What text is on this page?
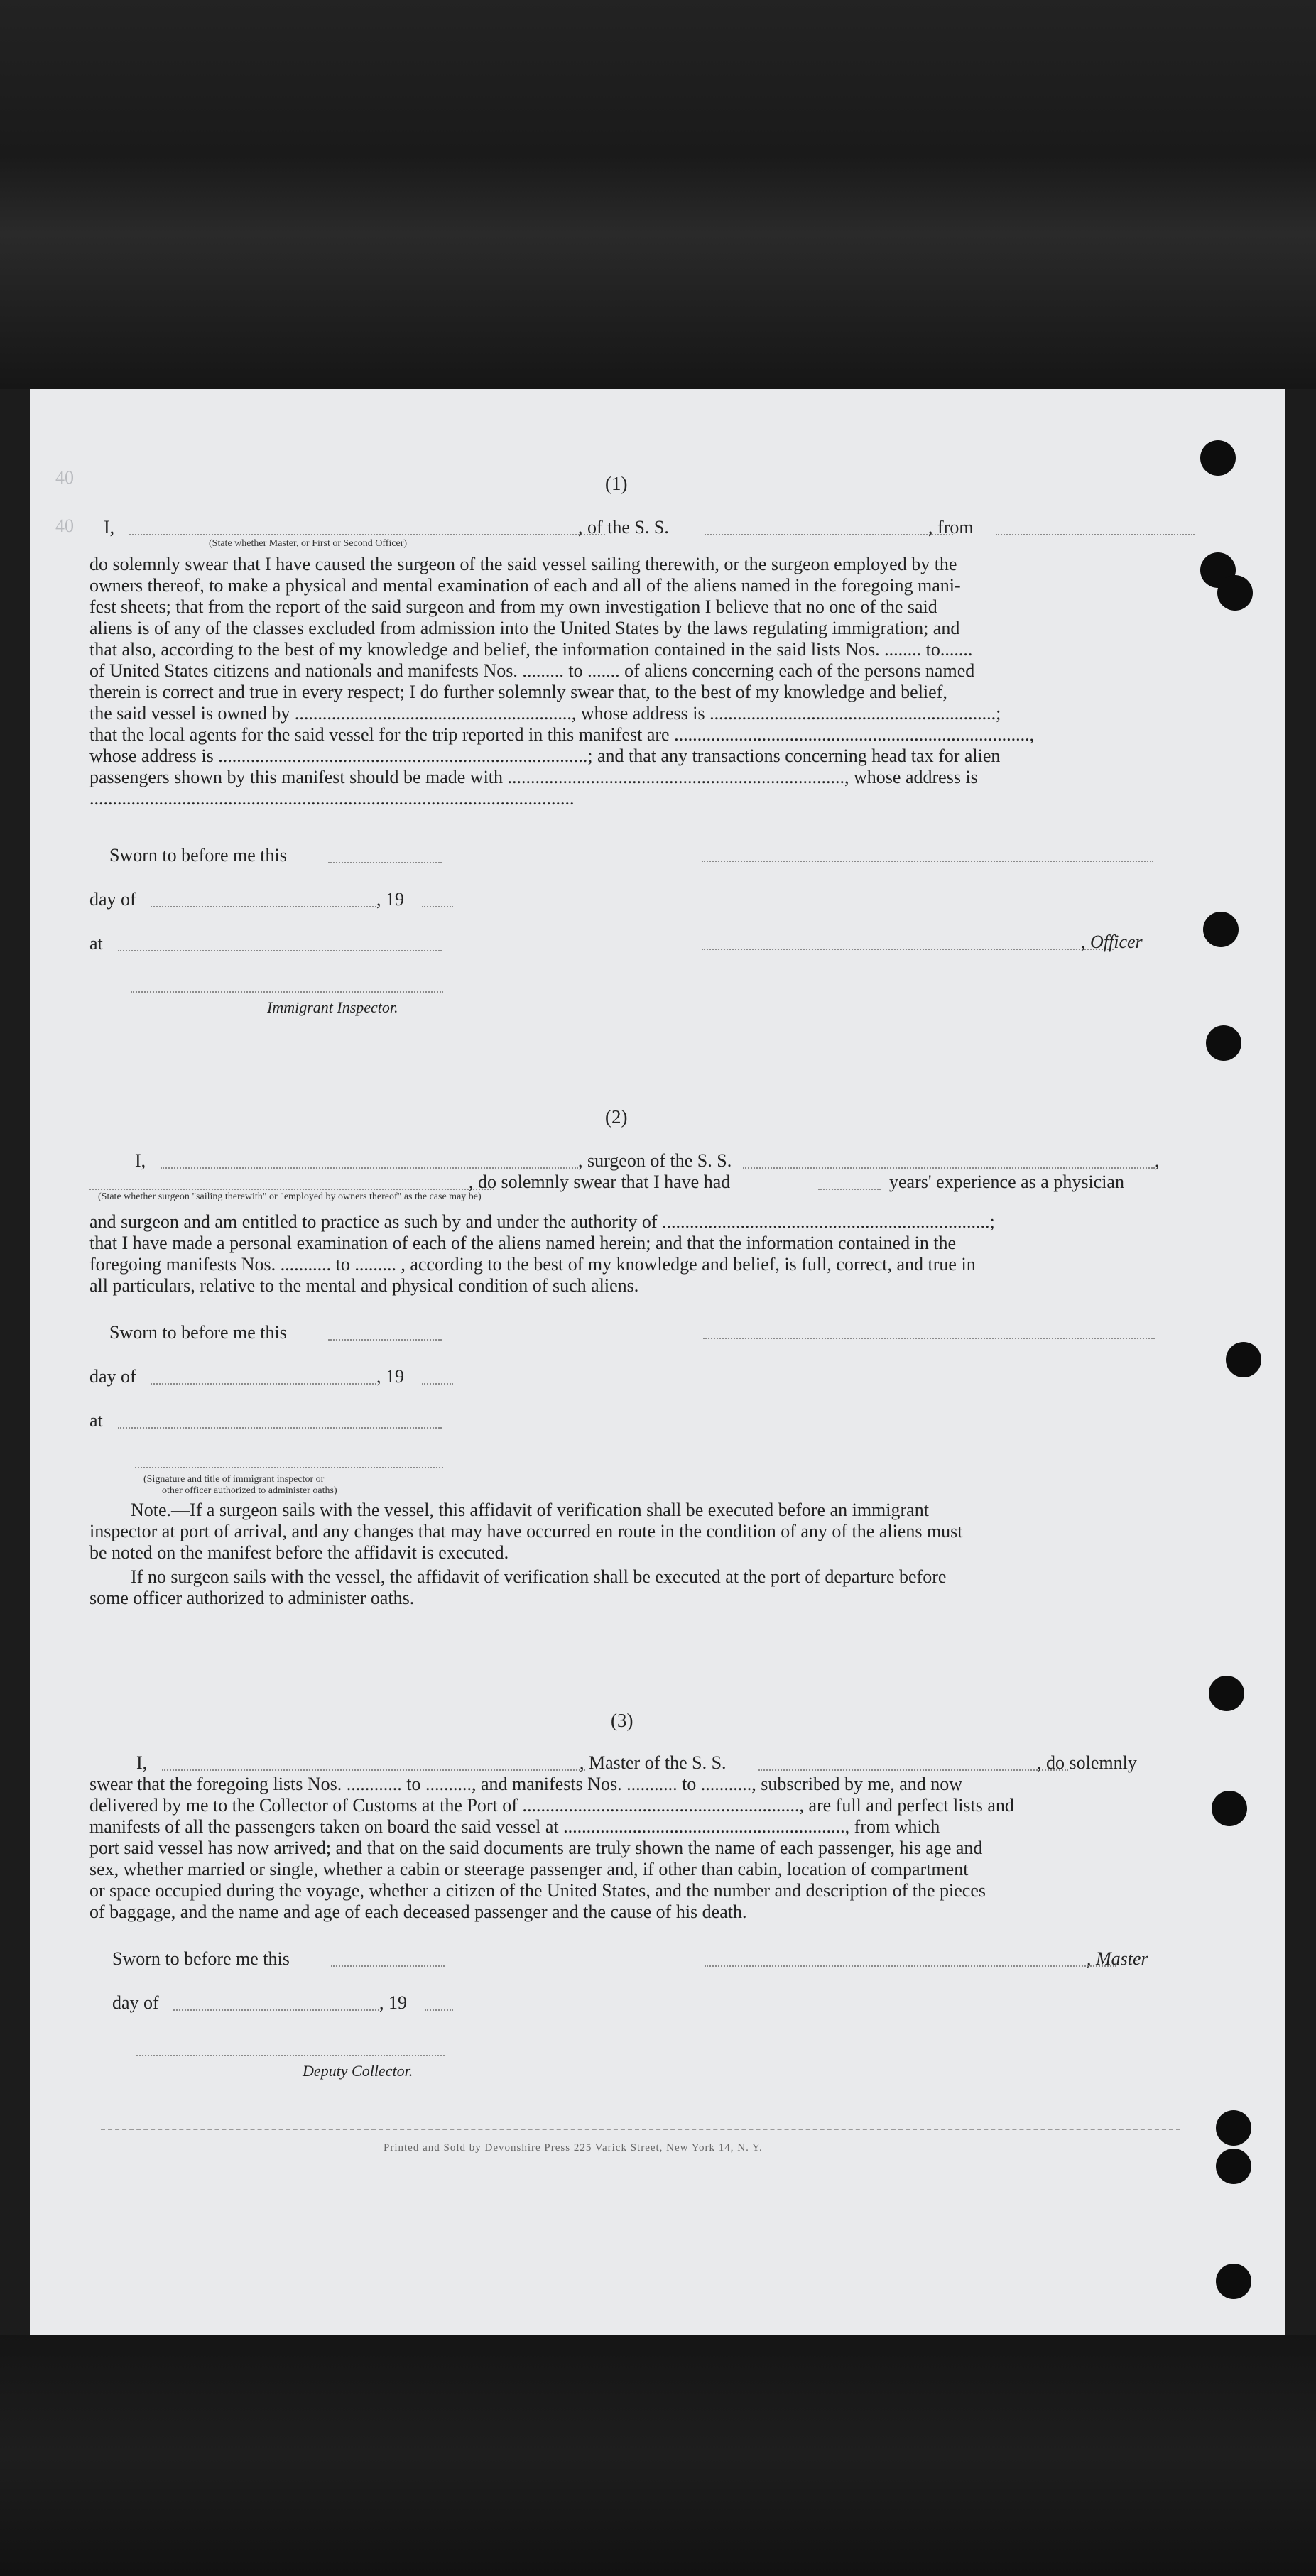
40
40
(1)
I,	, of the S. S.	, from
(State whether Master, or First or Second Officer)
do solemnly swear that I have caused the surgeon of the said vessel sailing therewith, or the surgeon employed by the
owners thereof, to make a physical and mental examination of each and all of the aliens named in the foregoing mani-
fest sheets; that from the report of the said surgeon and from my own investigation I believe that no one of the said
aliens is of any of the classes excluded from admission into the United States by the laws regulating immigration; and
that also, according to the best of my knowledge and belief, the information contained in the said lists Nos. ........ to.......
of United States citizens and nationals and manifests Nos. ......... to ....... of aliens concerning each of the persons named
therein is correct and true in every respect; I do further solemnly swear that, to the best of my knowledge and belief,
the said vessel is owned by ............................................................, whose address is ..............................................................;
that the local agents for the said vessel for the trip reported in this manifest are .............................................................................,
whose address is ................................................................................; and that any transactions concerning head tax for alien
passengers shown by this manifest should be made with ........................................................................., whose address is
.........................................................................................................
Sworn to before me this
day of	, 19
at	, Officer
Immigrant Inspector.
(2)
I,	, surgeon of the S. S.	,
, do solemnly swear that I have had	years' experience as a physician
(State whether surgeon "sailing therewith" or "employed by owners thereof" as the case may be)
and surgeon and am entitled to practice as such by and under the authority of .......................................................................;
that I have made a personal examination of each of the aliens named herein; and that the information contained in the
foregoing manifests Nos. ........... to ......... , according to the best of my knowledge and belief, is full, correct, and true in
all particulars, relative to the mental and physical condition of such aliens.
Sworn to before me this
day of	, 19
at
(Signature and title of immigrant inspector or
other officer authorized to administer oaths)
Note.—If a surgeon sails with the vessel, this affidavit of verification shall be executed before an immigrant
inspector at port of arrival, and any changes that may have occurred en route in the condition of any of the aliens must
be noted on the manifest before the affidavit is executed.
If no surgeon sails with the vessel, the affidavit of verification shall be executed at the port of departure before
some officer authorized to administer oaths.
(3)
I,	, Master of the S. S.	, do solemnly
swear that the foregoing lists Nos. ............ to .........., and manifests Nos. ........... to ..........., subscribed by me, and now
delivered by me to the Collector of Customs at the Port of ............................................................, are full and perfect lists and
manifests of all the passengers taken on board the said vessel at ............................................................., from which
port said vessel has now arrived; and that on the said documents are truly shown the name of each passenger, his age and
sex, whether married or single, whether a cabin or steerage passenger and, if other than cabin, location of compartment
or space occupied during the voyage, whether a citizen of the United States, and the number and description of the pieces
of baggage, and the name and age of each deceased passenger and the cause of his death.
Sworn to before me this	, Master
day of	, 19
Deputy Collector.
Printed and Sold by Devonshire Press 225 Varick Street, New York 14, N. Y.
